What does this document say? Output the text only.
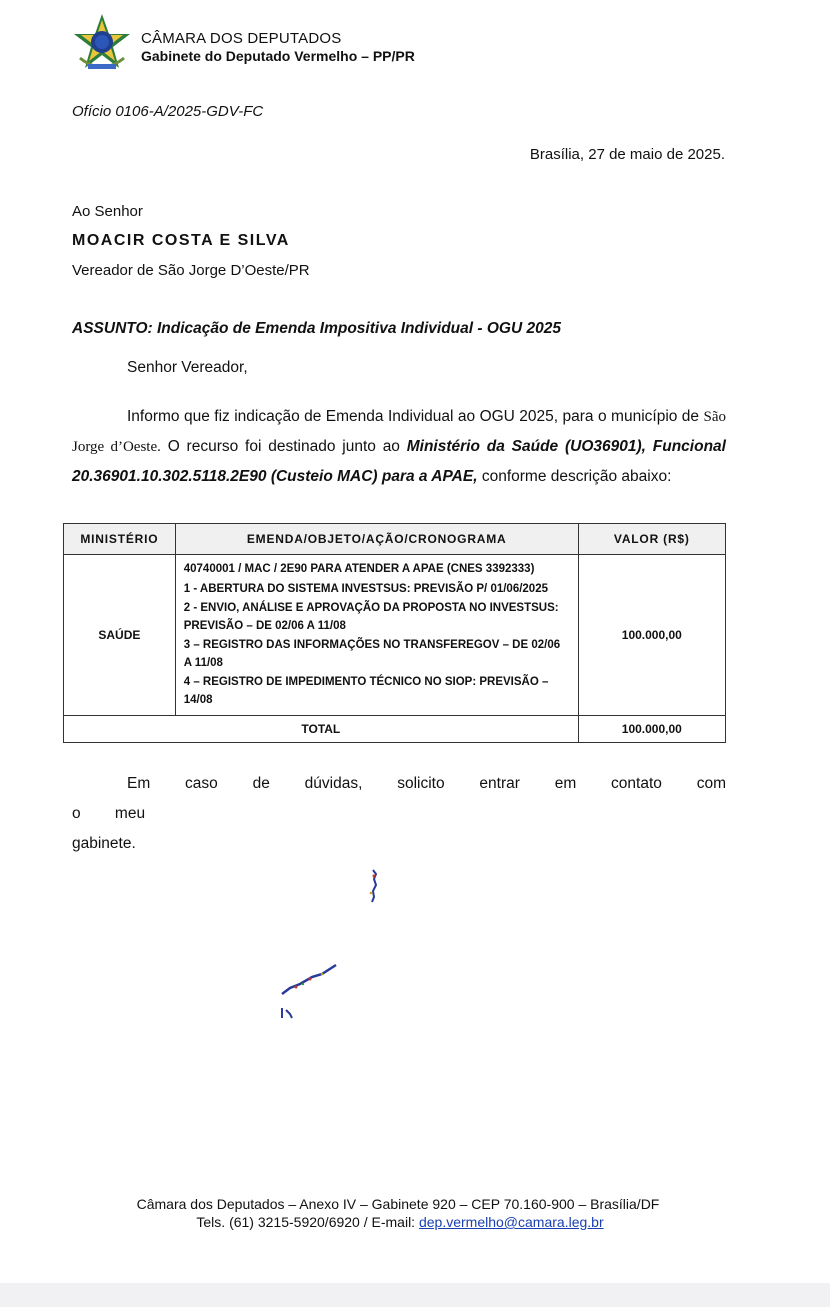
CÂMARA DOS DEPUTADOS
Gabinete do Deputado Vermelho – PP/PR
Ofício 0106-A/2025-GDV-FC
Brasília, 27 de maio de 2025.
Ao Senhor
MOACIR COSTA E SILVA
Vereador de São Jorge D’Oeste/PR
ASSUNTO: Indicação de Emenda Impositiva Individual - OGU 2025
Senhor Vereador,
Informo que fiz indicação de Emenda Individual ao OGU 2025, para o município de São Jorge d’Oeste. O recurso foi destinado junto ao Ministério da Saúde (UO36901), Funcional 20.36901.10.302.5118.2E90 (Custeio MAC) para a APAE, conforme descrição abaixo:
MINISTÉRIO	EMENDA/OBJETO/AÇÃO/CRONOGRAMA	VALOR (R$)
SAÚDE	40740001 / MAC / 2E90 PARA ATENDER A APAE (CNES 3392333)
1 - ABERTURA DO SISTEMA INVESTSUS: PREVISÃO P/ 01/06/2025
2 - ENVIO, ANÁLISE E APROVAÇÃO DA PROPOSTA NO INVESTSUS: PREVISÃO – DE 02/06 A 11/08
3 – REGISTRO DAS INFORMAÇÕES NO TRANSFEREGOV – DE 02/06 A 11/08
4 – REGISTRO DE IMPEDIMENTO TÉCNICO NO SIOP: PREVISÃO – 14/08	100.000,00
TOTAL		100.000,00
Em caso de dúvidas, solicito entrar em contato com o meu
gabinete.
Câmara dos Deputados – Anexo IV – Gabinete 920 – CEP 70.160-900 – Brasília/DF
Tels. (61) 3215-5920/6920 / E-mail: dep.vermelho@camara.leg.br
